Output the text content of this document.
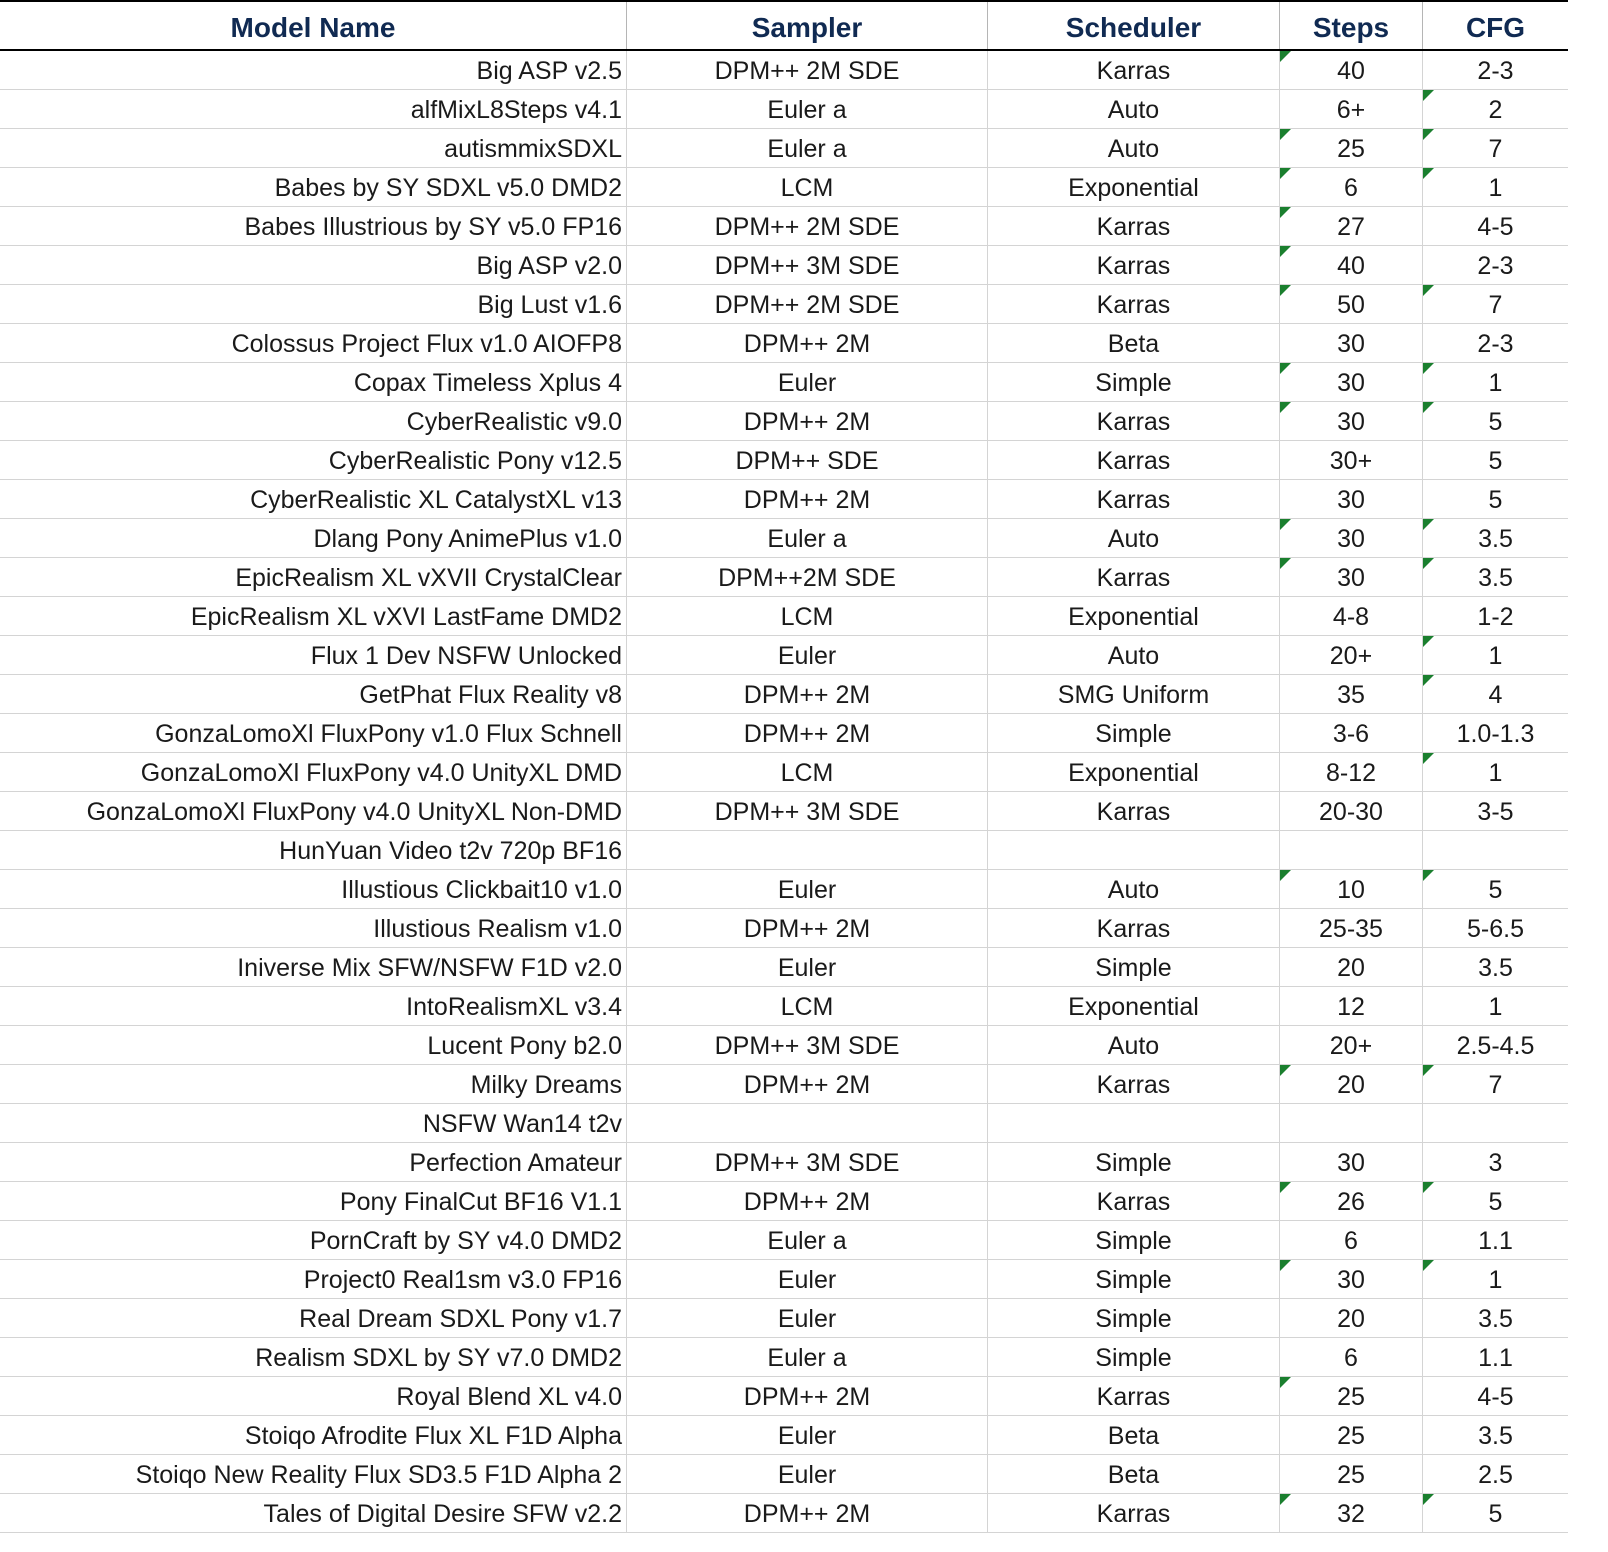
Model Name	Sampler	Scheduler	Steps	CFG
Big ASP v2.5	DPM++ 2M SDE	Karras	40	2-3
alfMixL8Steps v4.1	Euler a	Auto	6+	2
autismmixSDXL	Euler a	Auto	25	7
Babes by SY SDXL v5.0 DMD2	LCM	Exponential	6	1
Babes Illustrious by SY v5.0 FP16	DPM++ 2M SDE	Karras	27	4-5
Big ASP v2.0	DPM++ 3M SDE	Karras	40	2-3
Big Lust v1.6	DPM++ 2M SDE	Karras	50	7
Colossus Project Flux v1.0 AIOFP8	DPM++ 2M	Beta	30	2-3
Copax Timeless Xplus 4	Euler	Simple	30	1
CyberRealistic v9.0	DPM++ 2M	Karras	30	5
CyberRealistic Pony v12.5	DPM++ SDE	Karras	30+	5
CyberRealistic XL CatalystXL v13	DPM++ 2M	Karras	30	5
Dlang Pony AnimePlus v1.0	Euler a	Auto	30	3.5
EpicRealism XL vXVII CrystalClear	DPM++2M SDE	Karras	30	3.5
EpicRealism XL vXVI LastFame DMD2	LCM	Exponential	4-8	1-2
Flux 1 Dev NSFW Unlocked	Euler	Auto	20+	1
GetPhat Flux Reality v8	DPM++ 2M	SMG Uniform	35	4
GonzaLomoXl FluxPony v1.0 Flux Schnell	DPM++ 2M	Simple	3-6	1.0-1.3
GonzaLomoXl FluxPony v4.0 UnityXL DMD	LCM	Exponential	8-12	1
GonzaLomoXl FluxPony v4.0 UnityXL Non-DMD	DPM++ 3M SDE	Karras	20-30	3-5
HunYuan Video t2v 720p BF16
Illustious Clickbait10 v1.0	Euler	Auto	10	5
Illustious Realism v1.0	DPM++ 2M	Karras	25-35	5-6.5
Iniverse Mix SFW/NSFW F1D v2.0	Euler	Simple	20	3.5
IntoRealismXL v3.4	LCM	Exponential	12	1
Lucent Pony b2.0	DPM++ 3M SDE	Auto	20+	2.5-4.5
Milky Dreams	DPM++ 2M	Karras	20	7
NSFW Wan14 t2v
Perfection Amateur	DPM++ 3M SDE	Simple	30	3
Pony FinalCut BF16 V1.1	DPM++ 2M	Karras	26	5
PornCraft by SY v4.0 DMD2	Euler a	Simple	6	1.1
Project0 Real1sm v3.0 FP16	Euler	Simple	30	1
Real Dream SDXL Pony v1.7	Euler	Simple	20	3.5
Realism SDXL by SY v7.0 DMD2	Euler a	Simple	6	1.1
Royal Blend XL v4.0	DPM++ 2M	Karras	25	4-5
Stoiqo Afrodite Flux XL F1D Alpha	Euler	Beta	25	3.5
Stoiqo New Reality Flux SD3.5 F1D Alpha 2	Euler	Beta	25	2.5
Tales of Digital Desire SFW v2.2	DPM++ 2M	Karras	32	5
